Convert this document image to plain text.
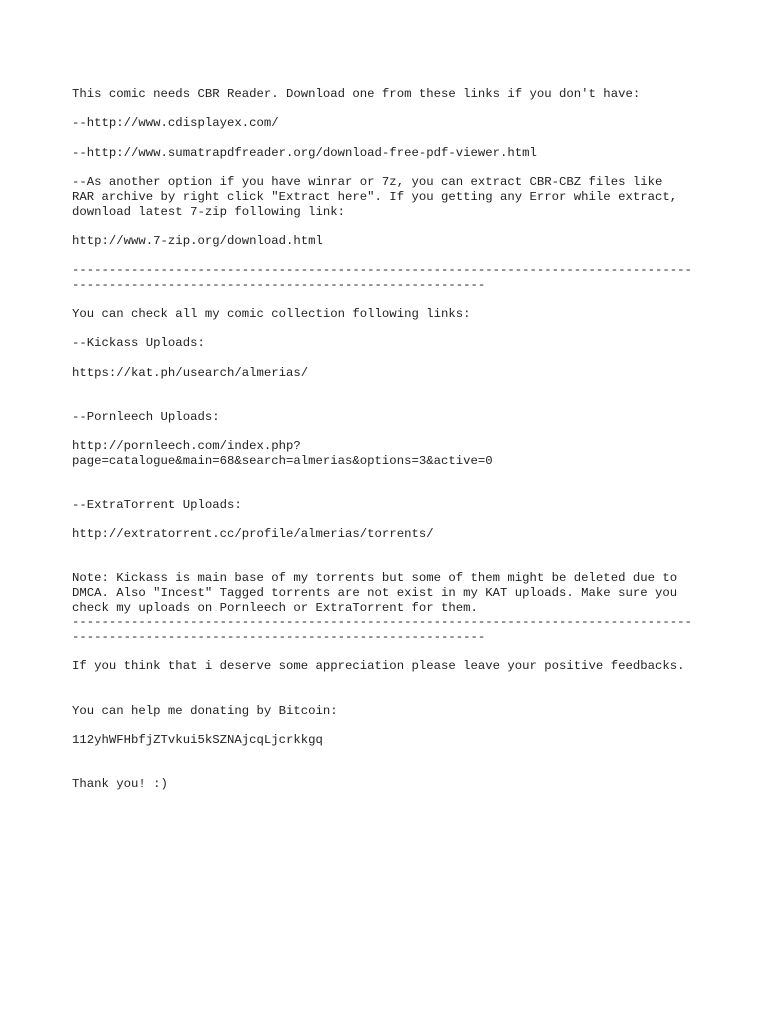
This comic needs CBR Reader. Download one from these links if you don't have:

--http://www.cdisplayex.com/

--http://www.sumatrapdfreader.org/download-free-pdf-viewer.html

--As another option if you have winrar or 7z, you can extract CBR-CBZ files like

RAR archive by right click "Extract here". If you getting any Error while extract,

download latest 7-zip following link:

http://www.7-zip.org/download.html

------------------------------------------------------------------------------------

--------------------------------------------------------

You can check all my comic collection following links:

--Kickass Uploads:

https://kat.ph/usearch/almerias/

--Pornleech Uploads:

http://pornleech.com/index.php?

page=catalogue&main=68&search=almerias&options=3&active=0

--ExtraTorrent Uploads:

http://extratorrent.cc/profile/almerias/torrents/

Note: Kickass is main base of my torrents but some of them might be deleted due to

DMCA. Also "Incest" Tagged torrents are not exist in my KAT uploads. Make sure you

check my uploads on Pornleech or ExtraTorrent for them.

------------------------------------------------------------------------------------

--------------------------------------------------------

If you think that i deserve some appreciation please leave your positive feedbacks.

You can help me donating by Bitcoin:

112yhWFHbfjZTvkui5kSZNAjcqLjcrkkgq

Thank you! :)
